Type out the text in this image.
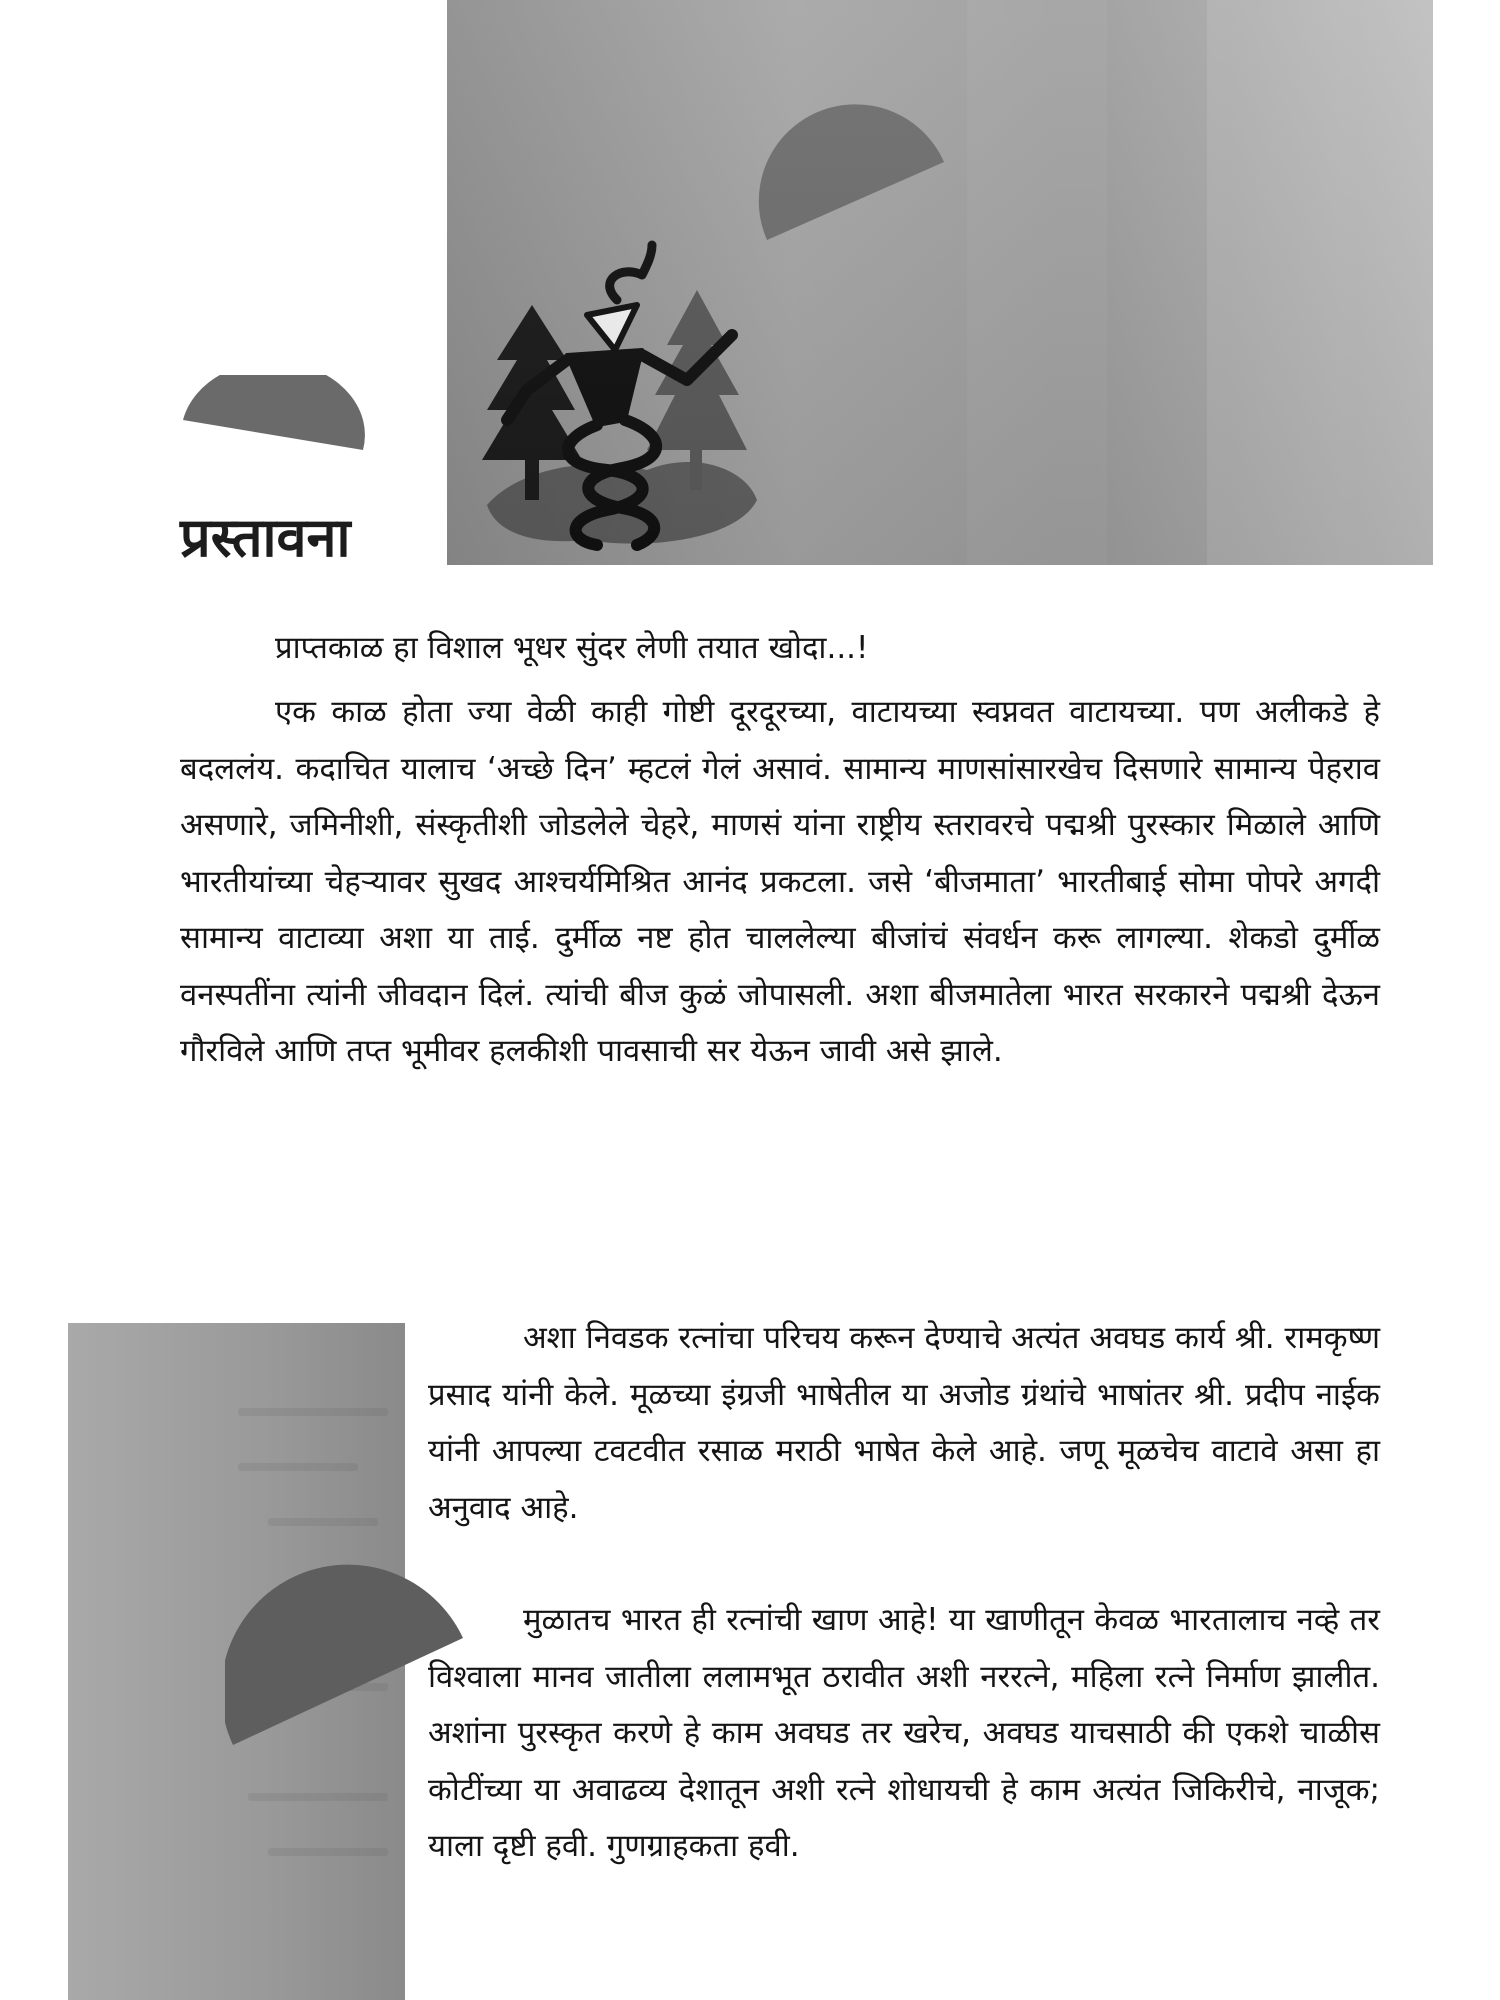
प्रस्तावना

प्राप्तकाळ हा विशाल भूधर सुंदर लेणी तयात खोदा...!

एक काळ होता ज्या वेळी काही गोष्टी दूरदूरच्या, वाटायच्या स्वप्नवत वाटायच्या. पण अलीकडे हे बदललंय. कदाचित यालाच ‘अच्छे दिन’ म्हटलं गेलं असावं. सामान्य माणसांसारखेच दिसणारे सामान्य पेहराव असणारे, जमिनीशी, संस्कृतीशी जोडलेले चेहरे, माणसं यांना राष्ट्रीय स्तरावरचे पद्मश्री पुरस्कार मिळाले आणि भारतीयांच्या चेहऱ्यावर सुखद आश्चर्यमिश्रित आनंद प्रकटला. जसे ‘बीजमाता’ भारतीबाई सोमा पोपरे अगदी सामान्य वाटाव्या अशा या ताई. दुर्मीळ नष्ट होत चाललेल्या बीजांचं संवर्धन करू लागल्या. शेकडो दुर्मीळ वनस्पतींना त्यांनी जीवदान दिलं. त्यांची बीज कुळं जोपासली. अशा बीजमातेला भारत सरकारने पद्मश्री देऊन गौरविले आणि तप्त भूमीवर हलकीशी पावसाची सर येऊन जावी असे झाले.

अशा निवडक रत्नांचा परिचय करून देण्याचे अत्यंत अवघड कार्य श्री. रामकृष्ण प्रसाद यांनी केले. मूळच्या इंग्रजी भाषेतील या अजोड ग्रंथांचे भाषांतर श्री. प्रदीप नाईक यांनी आपल्या टवटवीत रसाळ मराठी भाषेत केले आहे. जणू मूळचेच वाटावे असा हा अनुवाद आहे.

मुळातच भारत ही रत्नांची खाण आहे! या खाणीतून केवळ भारतालाच नव्हे तर विश्वाला मानव जातीला ललामभूत ठरावीत अशी नररत्ने, महिला रत्ने निर्माण झालीत. अशांना पुरस्कृत करणे हे काम अवघड तर खरेच, अवघड याचसाठी की एकशे चाळीस कोटींच्या या अवाढव्य देशातून अशी रत्ने शोधायची हे काम अत्यंत जिकिरीचे, नाजूक; याला दृष्टी हवी. गुणग्राहकता हवी.
